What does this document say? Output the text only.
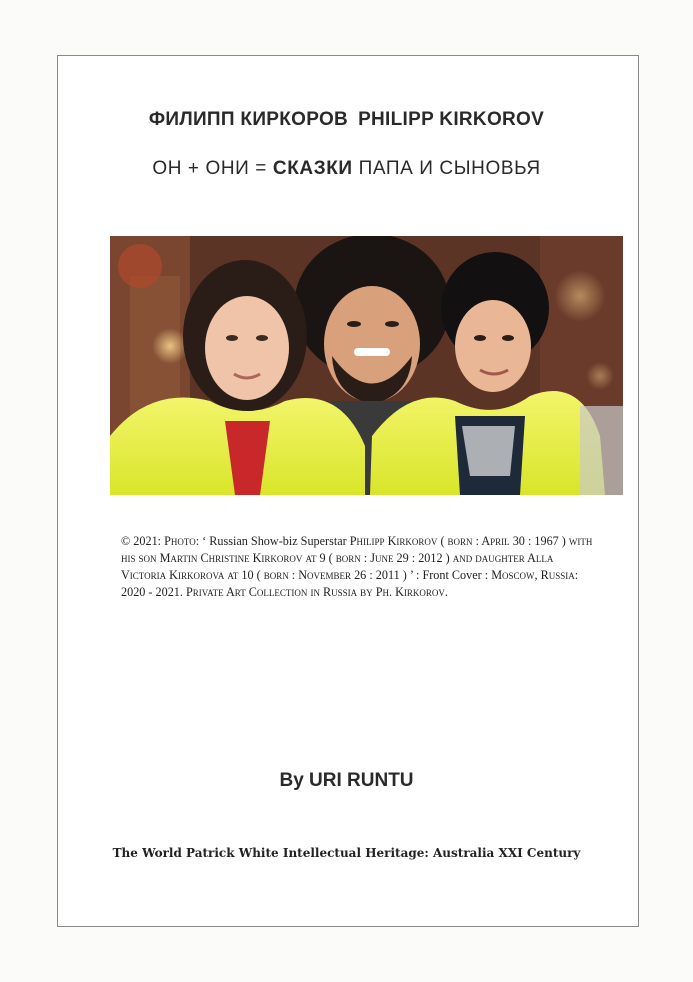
ФИЛИПП КИРКОРОВ PHILIPP KIRKOROV
ОН + ОНИ = СКАЗКИ ПАПА И СЫНОВЬЯ
© 2021: Photo: ‘ Russian Show-biz Superstar Philipp Kirkorov ( born : April 30 : 1967 ) with his son Martin Christine Kirkorov at 9 ( born : June 29 : 2012 ) and daughter Alla Victoria Kirkorova at 10 ( born : November 26 : 2011 ) ’ : Front Cover : Moscow, Russia: 2020 - 2021. Private Art Collection in Russia by Ph. Kirkorov.
By URI RUNTU
The World Patrick White Intellectual Heritage: Australia XXI Century
